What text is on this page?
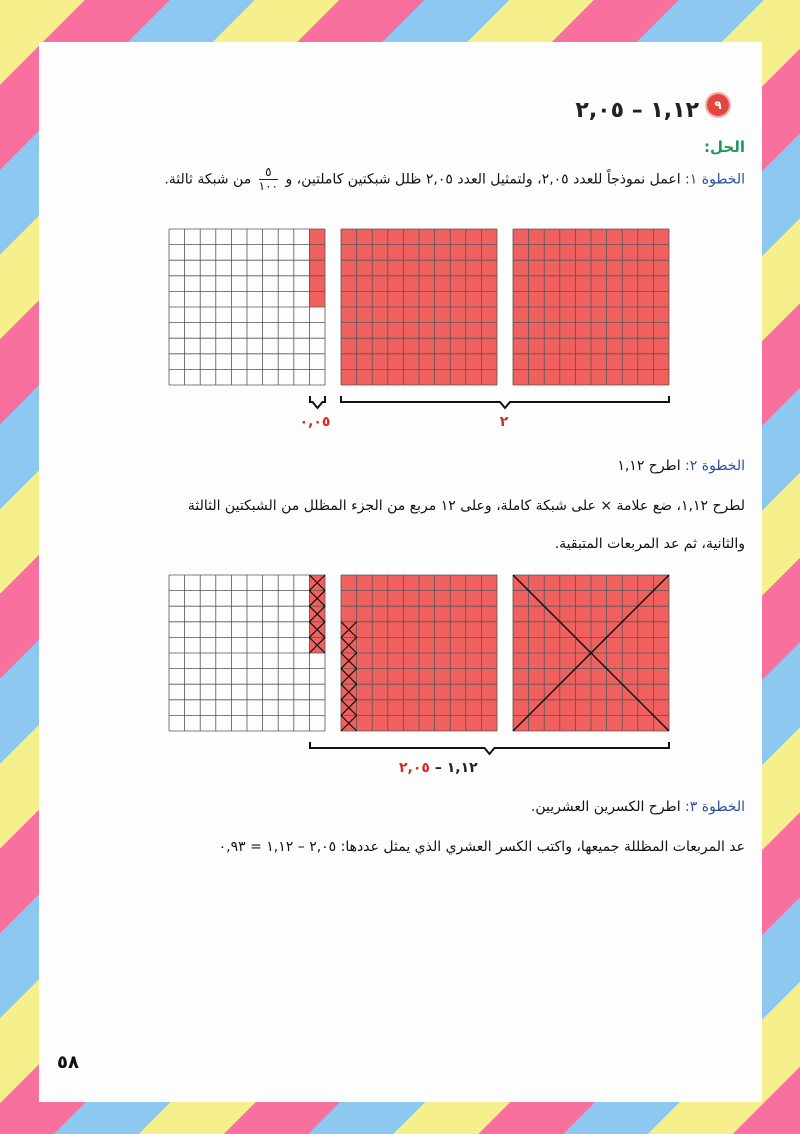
٩
١,١٢ – ٢,٠٥
الحل:
الخطوة ١: اعمل نموذجاً للعدد ٢,٠٥، ولتمثيل العدد ٢,٠٥ ظلل شبكتين كاملتين، و
$\frac{٥}{١٠٠}$
من شبكة ثالثة.
٠,٠٥	٢
الخطوة ٢: اطرح ١,١٢
لطرح ١,١٢، ضع علامة × على شبكة كاملة، وعلى ١٢ مربع من الجزء المظلل من الشبكتين الثالثة
والثانية، ثم عد المربعات المتبقية.
١,١٢ – ٢,٠٥
الخطوة ٣: اطرح الكسرين العشريين.
عد المربعات المظللة جميعها، واكتب الكسر العشري الذي يمثل عددها: ٢,٠٥ – ١,١٢ = ٠,٩٣
٥٨
